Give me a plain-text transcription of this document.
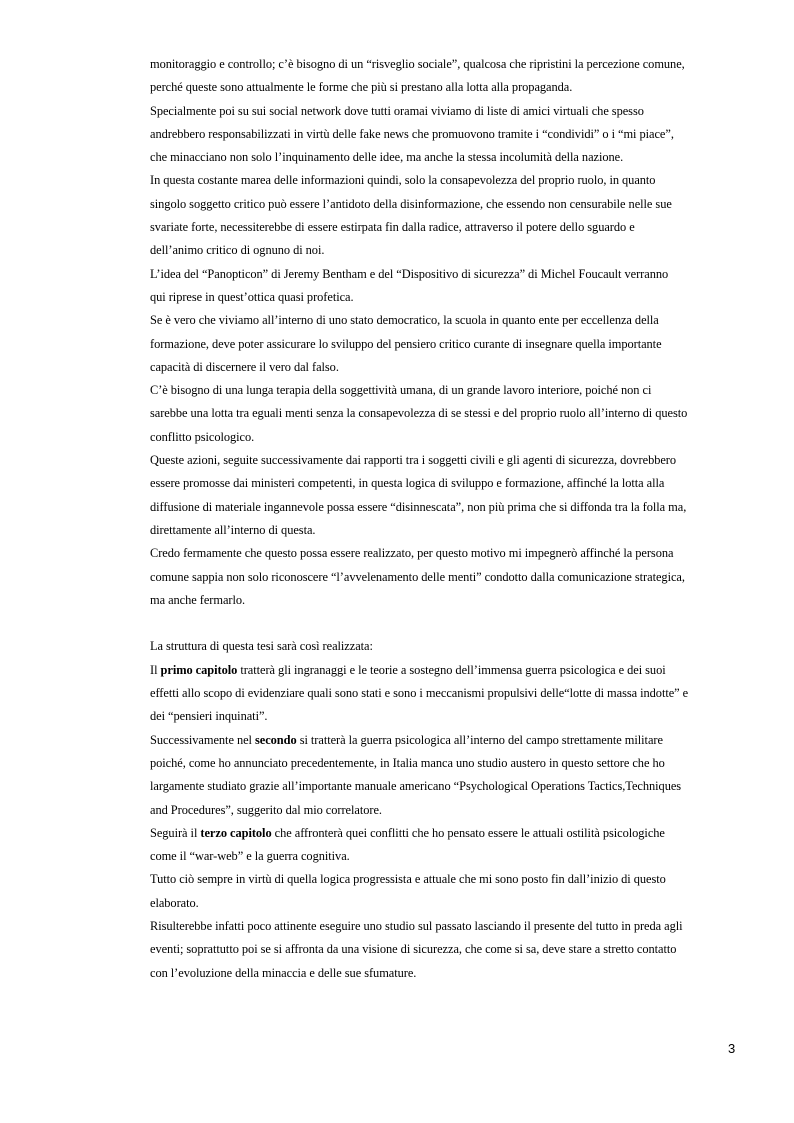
monitoraggio e controllo; c’è bisogno di un “risveglio sociale”, qualcosa che ripristini la percezione comune,
perché queste sono attualmente le forme che più si prestano alla lotta alla propaganda.
Specialmente poi su sui social network dove tutti oramai viviamo di liste di amici virtuali che spesso
andrebbero responsabilizzati in virtù delle fake news che promuovono tramite i “condividi” o i “mi piace”,
che minacciano non solo l’inquinamento delle idee, ma anche la stessa incolumità della nazione.
In questa costante marea delle informazioni quindi, solo la consapevolezza del proprio ruolo, in quanto
singolo soggetto critico può essere l’antidoto della disinformazione, che essendo non censurabile nelle sue
svariate forte, necessiterebbe di essere estirpata fin dalla radice, attraverso il potere dello sguardo e
dell’animo critico di ognuno di noi.
L’idea del “Panopticon” di Jeremy Bentham e del “Dispositivo di sicurezza” di Michel Foucault verranno
qui riprese in quest’ottica quasi profetica.
Se è vero che viviamo all’interno di uno stato democratico, la scuola in quanto ente per eccellenza della
formazione, deve poter assicurare lo sviluppo del pensiero critico curante di insegnare quella importante
capacità di discernere il vero dal falso.
C’è bisogno di una lunga terapia della soggettività umana, di un grande lavoro interiore, poiché non ci
sarebbe una lotta tra eguali menti senza la consapevolezza di se stessi e del proprio ruolo all’interno di questo
conflitto psicologico.
Queste azioni, seguite successivamente dai rapporti tra i soggetti civili e gli agenti di sicurezza, dovrebbero
essere promosse dai ministeri competenti, in questa logica di sviluppo e formazione, affinché la lotta alla
diffusione di materiale ingannevole possa essere “disinnescata”, non più prima che si diffonda tra la folla ma,
direttamente all’interno di questa.
Credo fermamente che questo possa essere realizzato, per questo motivo mi impegnerò affinché la persona
comune sappia non solo riconoscere “l’avvelenamento delle menti” condotto dalla comunicazione strategica,
ma anche fermarlo.
La struttura di questa tesi sarà così realizzata:
Il primo capitolo tratterà gli ingranaggi e le teorie a sostegno dell’immensa guerra psicologica e dei suoi
effetti allo scopo di evidenziare quali sono stati e sono i meccanismi propulsivi delle“lotte di massa indotte” e
dei “pensieri inquinati”.
Successivamente nel secondo si tratterà la guerra psicologica all’interno del campo strettamente militare
poiché, come ho annunciato precedentemente, in Italia manca uno studio austero in questo settore che ho
largamente studiato grazie all’importante manuale americano “Psychological Operations Tactics,Techniques
and Procedures”, suggerito dal mio correlatore.
Seguirà il terzo capitolo che affronterà quei conflitti che ho pensato essere le attuali ostilità psicologiche
come il “war-web” e la guerra cognitiva.
Tutto ciò sempre in virtù di quella logica progressista e attuale che mi sono posto fin dall’inizio di questo
elaborato.
Risulterebbe infatti poco attinente eseguire uno studio sul passato lasciando il presente del tutto in preda agli
eventi; soprattutto poi se si affronta da una visione di sicurezza, che come si sa, deve stare a stretto contatto
con l’evoluzione della minaccia e delle sue sfumature.
3
